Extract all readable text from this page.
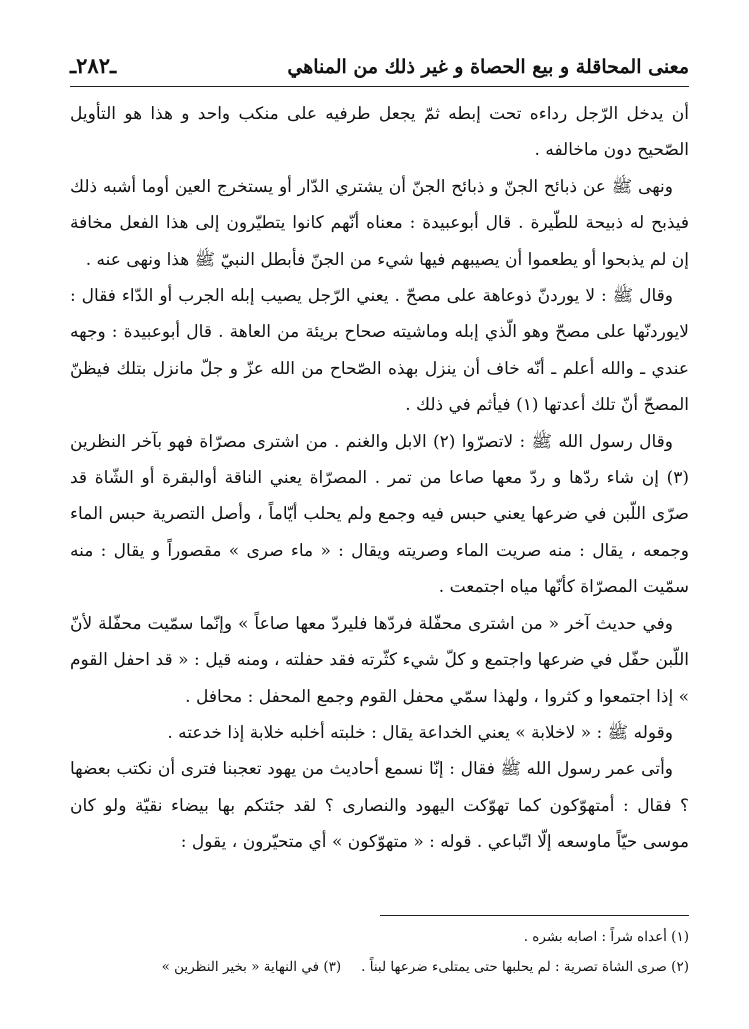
معنى المحاقلة و بيع الحصاة و غير ذلك من المناهي
ـ٢٨٢ـ

أن يدخل الرّجل رداءه تحت إبطه ثمّ يجعل طرفيه على منكب واحد و هذا هو التأويل الصّحيح دون ماخالفه .

ونهى ﷺ عن ذبائح الجنّ و ذبائح الجنّ أن يشتري الدّار أو يستخرج العين أوما أشبه ذلك فيذبح له ذبيحة للطّيرة . قال أبوعبيدة : معناه أنّهم كانوا يتطيّرون إلى هذا الفعل مخافة إن لم يذبحوا أو يطعموا أن يصيبهم فيها شيء من الجنّ فأبطل النبيّ ﷺ هذا ونهى عنه .

وقال ﷺ : لا يوردنّ ذوعاهة على مصحّ . يعني الرّجل يصيب إبله الجرب أو الدّاء فقال : لايوردنّها على مصحّ وهو الّذي إبله وماشيته صحاح بريئة من العاهة . قال أبوعبيدة : وجهه عندي ـ والله أعلم ـ أنّه خاف أن ينزل بهذه الصّحاح من الله عزّ و جلّ مانزل بتلك فيظنّ المصحّ أنّ تلك أعدتها (١) فيأثم في ذلك .

وقال رسول الله ﷺ : لاتصرّوا (٢) الابل والغنم . من اشترى مصرّاة فهو بآخر النظرين (٣) إن شاء ردّها و ردّ معها صاعا من تمر . المصرّاة يعني الناقة أوالبقرة أو الشّاة قد صرّى اللّبن في ضرعها يعني حبس فيه وجمع ولم يحلب أيّاماً ، وأصل التصرية حبس الماء وجمعه ، يقال : منه صريت الماء وصريته ويقال : « ماء صرى » مقصوراً و يقال : منه سمّيت المصرّاة كأنّها مياه اجتمعت .

وفي حديث آخر « من اشترى محفّلة فردّها فليردّ معها صاعاً » وإنّما سمّيت محفّلة لأنّ اللّبن حفّل في ضرعها واجتمع و كلّ شيء كثّرته فقد حفلته ، ومنه قيل : « قد احفل القوم » إذا اجتمعوا و كثروا ، ولهذا سمّي محفل القوم وجمع المحفل : محافل .

وقوله ﷺ : « لاخلابة » يعني الخداعة يقال : خلبته أخلبه خلابة إذا خدعته .

وأتى عمر رسول الله ﷺ فقال : إنّا نسمع أحاديث من يهود تعجبنا فترى أن نكتب بعضها ؟ فقال : أمتهوّكون كما تهوّكت اليهود والنصارى ؟ لقد جئتكم بها بيضاء نقيّة ولو كان موسى حيّاً ماوسعه إلّا اتّباعي . قوله : « متهوّكون » أي متحيّرون ، يقول :

(١) أعداه شراً : اصابه بشره .
(٢) صرى الشاة تصرية : لم يحلبها حتى يمتلىء ضرعها لبناً .
(٣) في النهاية « بخير النظرين »
